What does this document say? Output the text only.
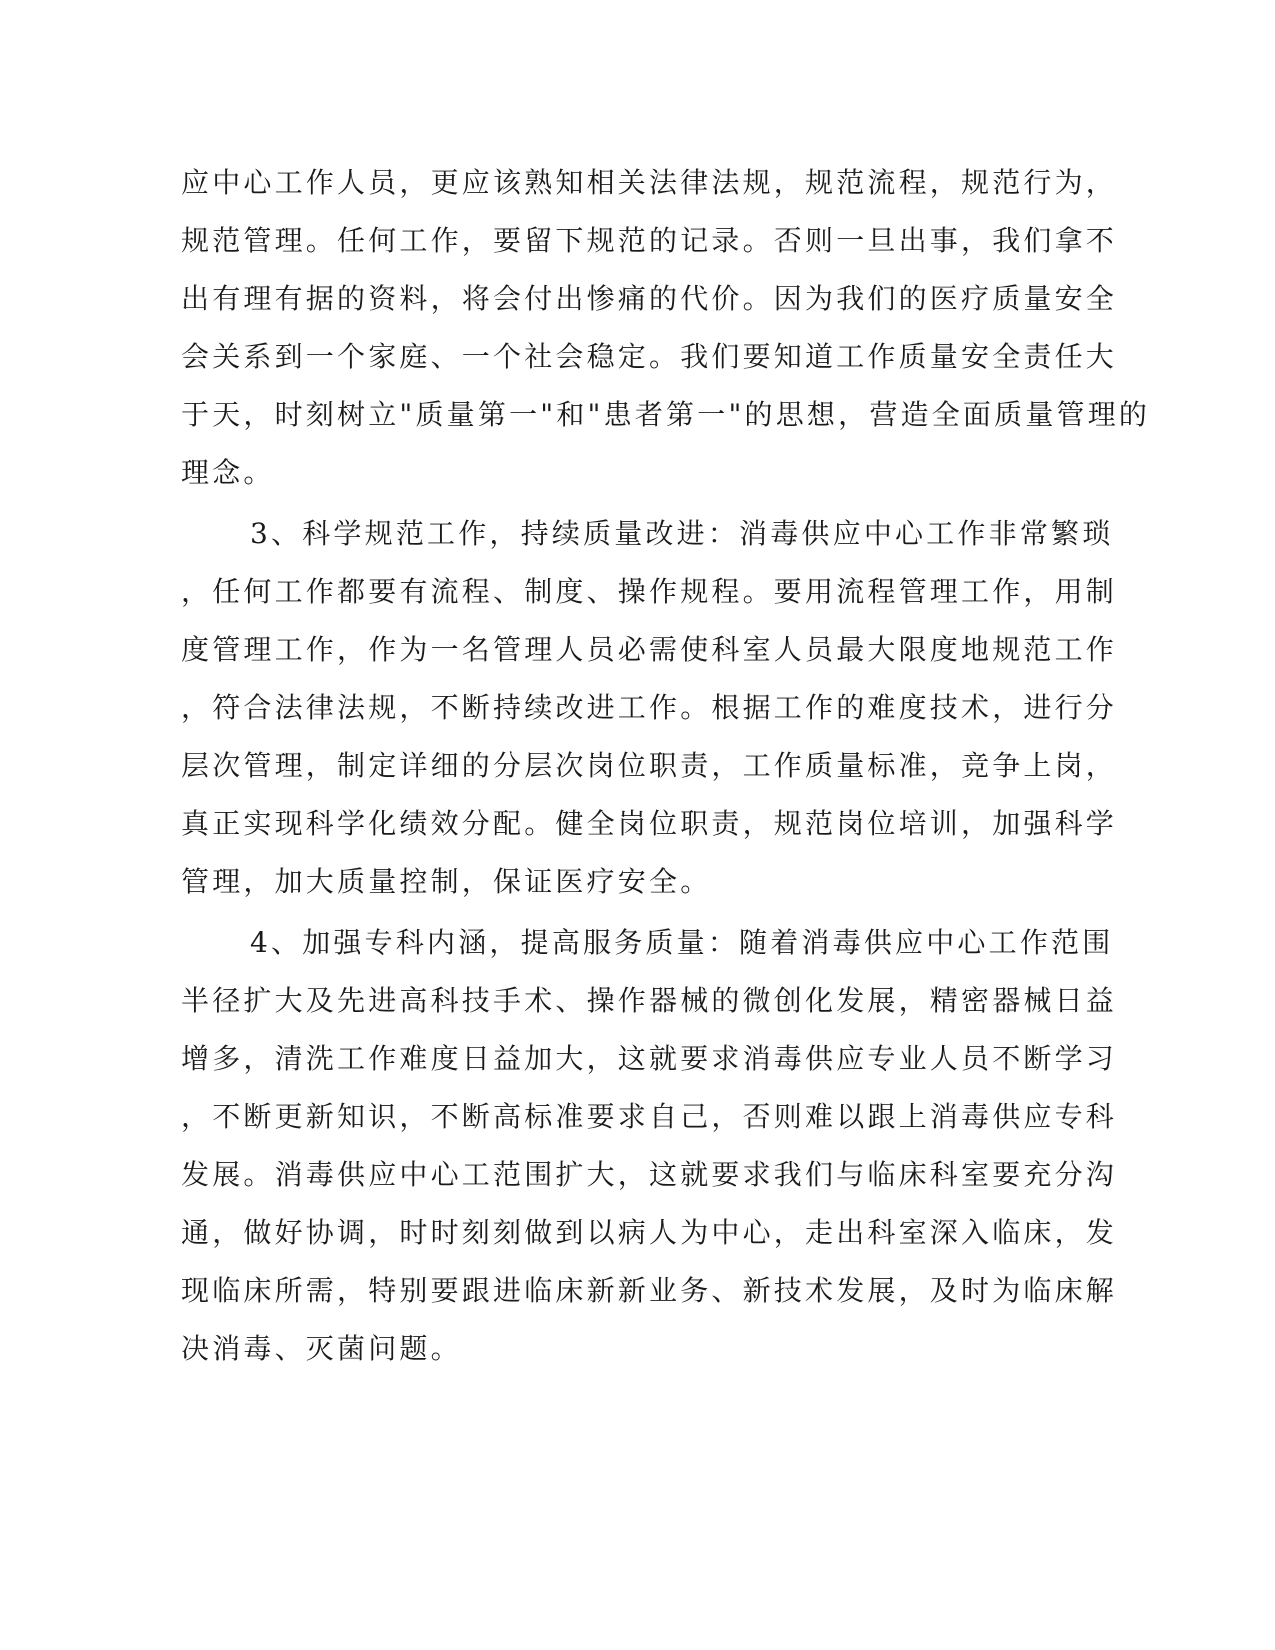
应中心工作人员，更应该熟知相关法律法规，规范流程，规范行为，
规范管理。任何工作，要留下规范的记录。否则一旦出事，我们拿不
出有理有据的资料，将会付出惨痛的代价。因为我们的医疗质量安全
会关系到一个家庭、一个社会稳定。我们要知道工作质量安全责任大
于天，时刻树立"质量第一"和"患者第一"的思想，营造全面质量管理的
理念。
3、科学规范工作，持续质量改进：消毒供应中心工作非常繁琐
，任何工作都要有流程、制度、操作规程。要用流程管理工作，用制
度管理工作，作为一名管理人员必需使科室人员最大限度地规范工作
，符合法律法规，不断持续改进工作。根据工作的难度技术，进行分
层次管理，制定详细的分层次岗位职责，工作质量标准，竞争上岗，
真正实现科学化绩效分配。健全岗位职责，规范岗位培训，加强科学
管理，加大质量控制，保证医疗安全。
4、加强专科内涵，提高服务质量：随着消毒供应中心工作范围
半径扩大及先进高科技手术、操作器械的微创化发展，精密器械日益
增多，清洗工作难度日益加大，这就要求消毒供应专业人员不断学习
，不断更新知识，不断高标准要求自己，否则难以跟上消毒供应专科
发展。消毒供应中心工范围扩大，这就要求我们与临床科室要充分沟
通，做好协调，时时刻刻做到以病人为中心，走出科室深入临床，发
现临床所需，特别要跟进临床新新业务、新技术发展，及时为临床解
决消毒、灭菌问题。
